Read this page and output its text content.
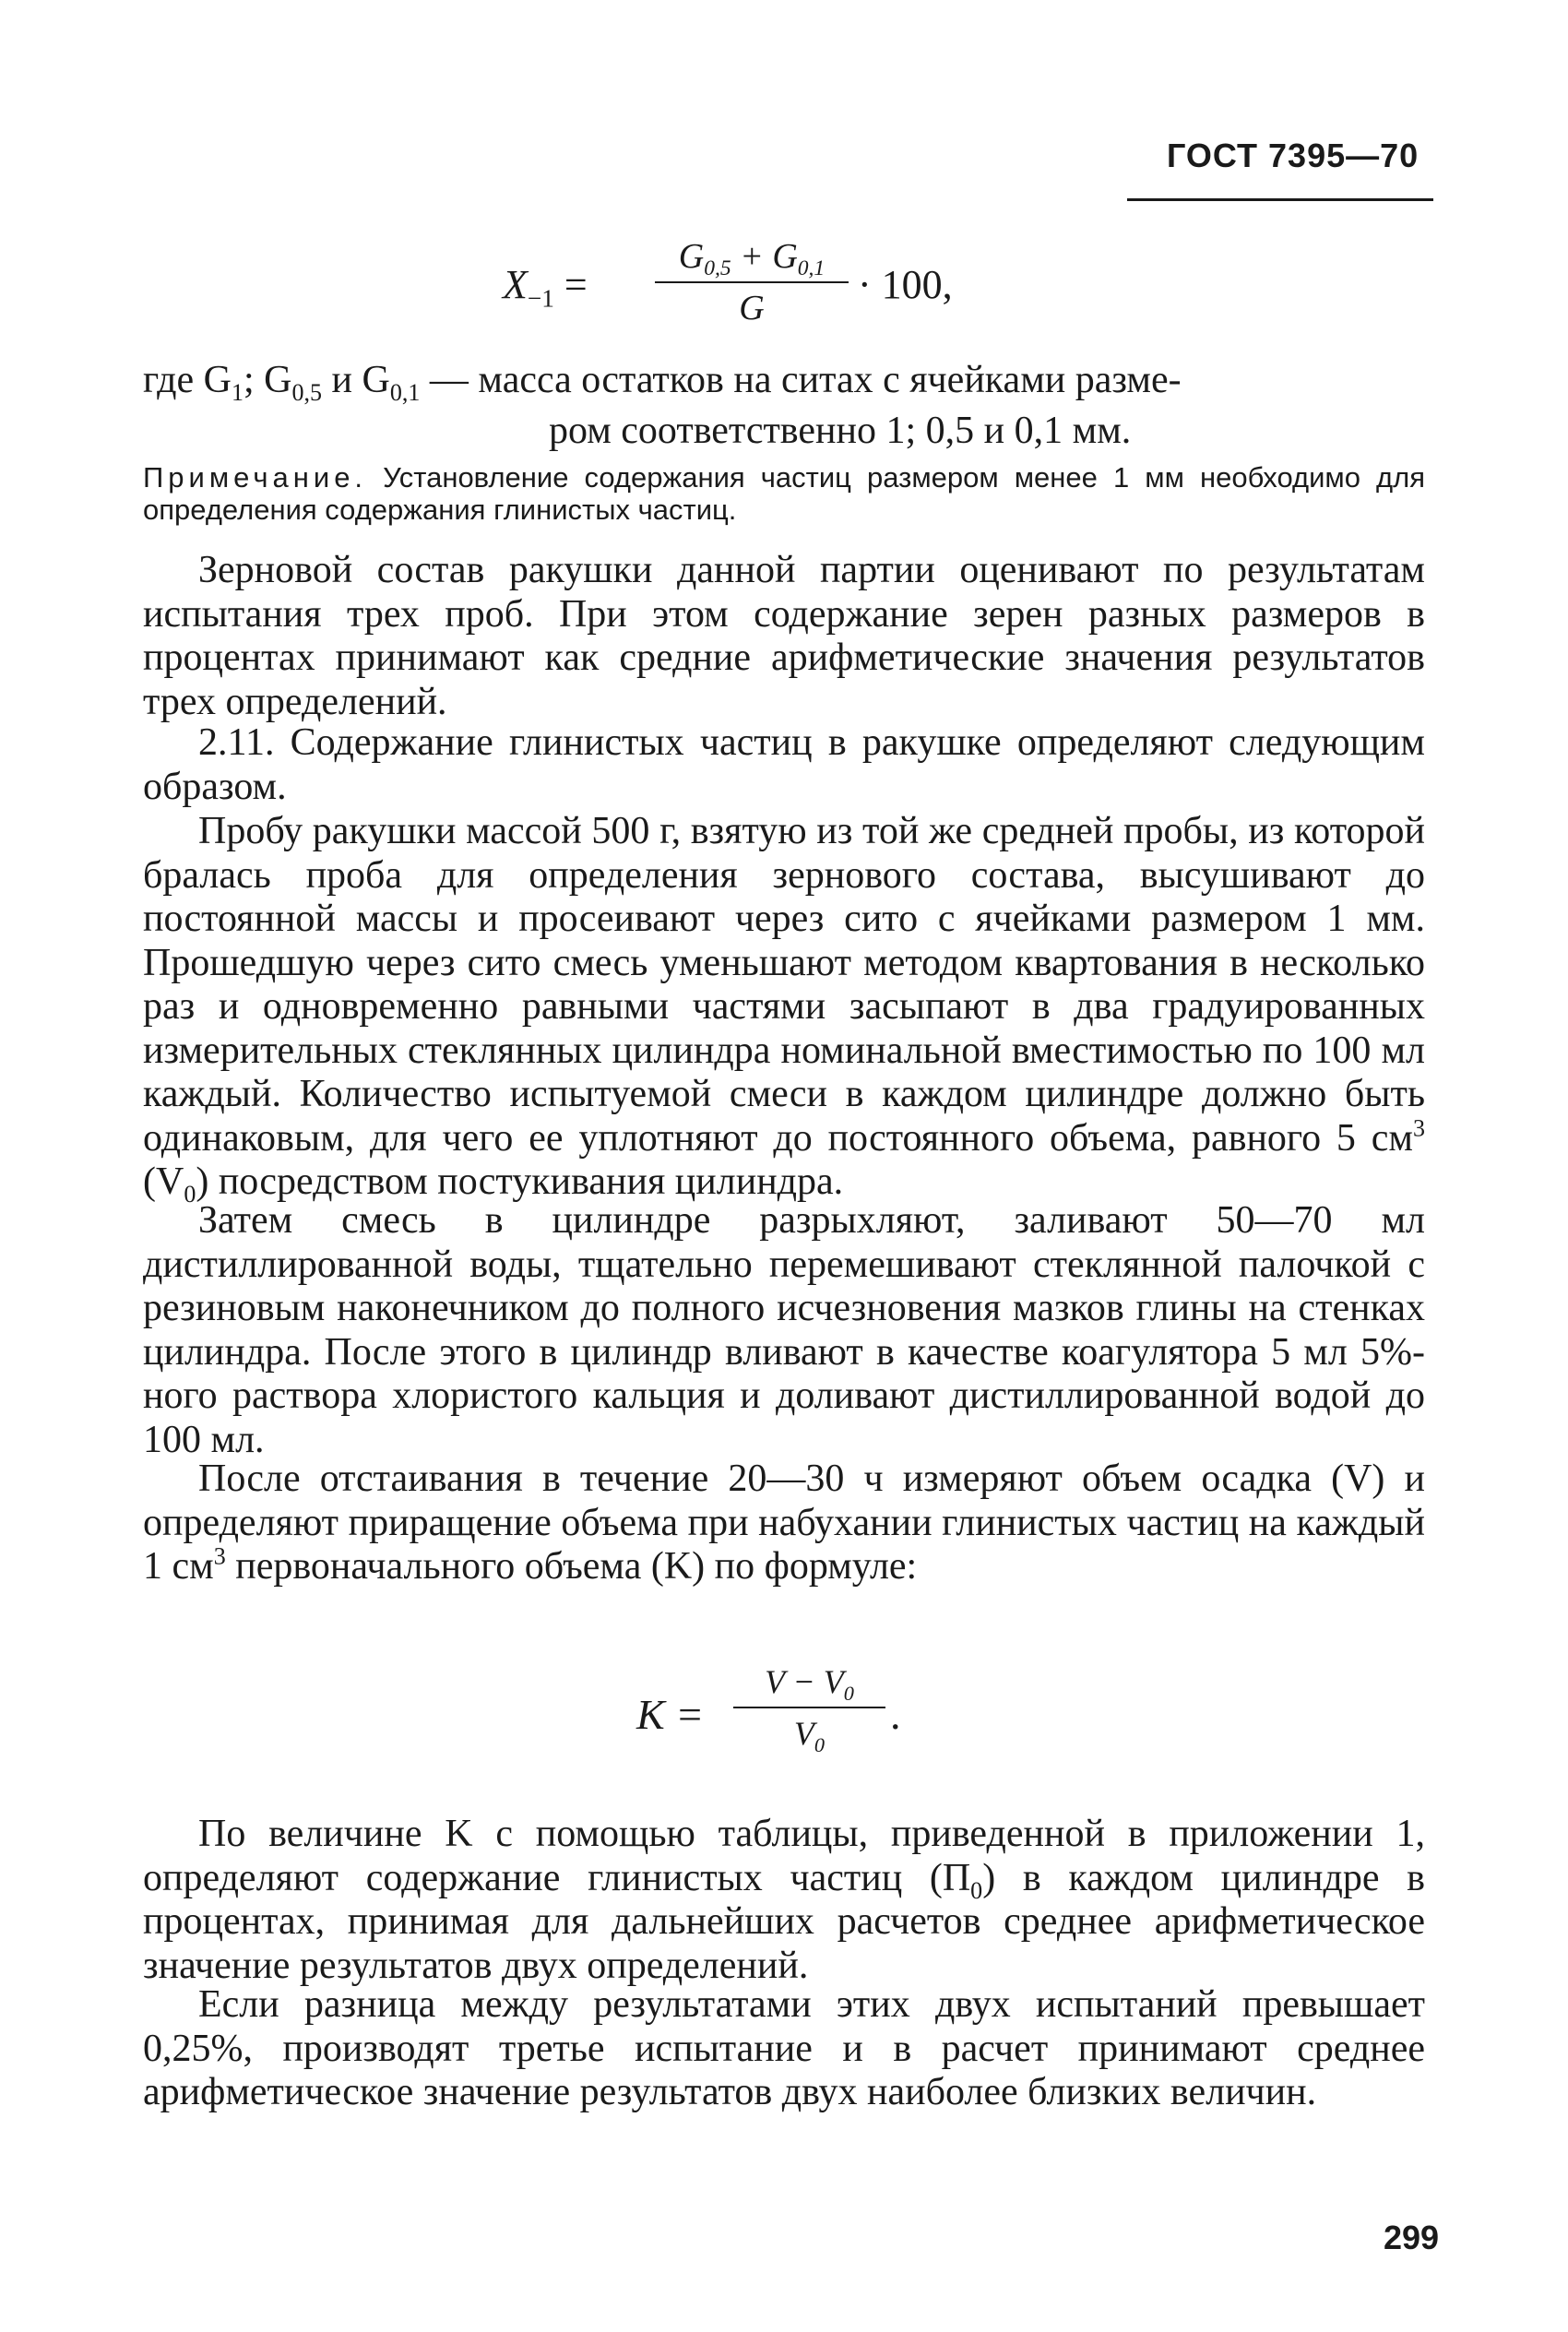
ГОСТ 7395—70
$X_{-1}$ =
$G_{0,5} + G_{0,1}$
G
· 100,
где $G_1$; $G_{0,5}$ и $G_{0,1}$ — масса остатков на ситах с ячейками разме-
ром соответственно 1; 0,5 и 0,1 мм.
Примечание. Установление содержания частиц размером менее 1 мм необходимо для определения содержания глинистых частиц.
Зерновой состав ракушки данной партии оценивают по результатам испытания трех проб. При этом содержание зерен разных размеров в процентах принимают как средние арифметические значения результатов трех определений.
2.11. Содержание глинистых частиц в ракушке определяют следующим образом.
Пробу ракушки массой 500 г, взятую из той же средней пробы, из которой бралась проба для определения зернового состава, высушивают до постоянной массы и просеивают через сито с ячейками размером 1 мм. Прошедшую через сито смесь уменьшают методом квартования в несколько раз и одновременно равными частями засыпают в два градуированных измерительных стеклянных цилиндра номинальной вместимостью по 100 мл каждый. Количество испытуемой смеси в каждом цилиндре должно быть одинаковым, для чего ее уплотняют до постоянного объема, равного 5 $см^3$ $(V_0)$ посредством постукивания цилиндра.
Затем смесь в цилиндре разрыхляют, заливают 50—70 мл дистиллированной воды, тщательно перемешивают стеклянной палочкой с резиновым наконечником до полного исчезновения мазков глины на стенках цилиндра. После этого в цилиндр вливают в качестве коагулятора 5 мл 5%-ного раствора хлористого кальция и доливают дистиллированной водой до 100 мл.
После отстаивания в течение 20—30 ч измеряют объем осадка (V) и определяют приращение объема при набухании глинистых частиц на каждый 1 $см^3$ первоначального объема (K) по формуле:
K =
$V - V_0$
$V_0$
.
По величине K с помощью таблицы, приведенной в приложении 1, определяют содержание глинистых частиц $(П_0)$ в каждом цилиндре в процентах, принимая для дальнейших расчетов среднее арифметическое значение результатов двух определений.
Если разница между результатами этих двух испытаний превышает 0,25%, производят третье испытание и в расчет принимают среднее арифметическое значение результатов двух наиболее близких величин.
299
